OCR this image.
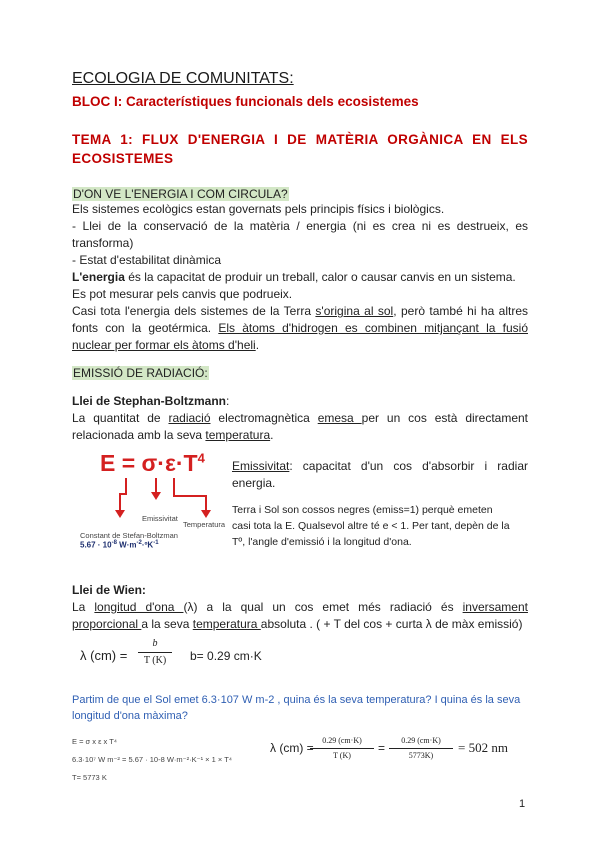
ECOLOGIA DE COMUNITATS:
BLOC I: Característiques funcionals dels ecosistemes
TEMA 1: FLUX D'ENERGIA I DE MATÈRIA ORGÀNICA EN ELS ECOSISTEMES
D'ON VE L'ENERGIA I COM CIRCULA?
Els sistemes ecològics estan governats pels principis físics i biològics.
- Llei de la conservació de la matèria / energia (ni es crea ni es destrueix, es
transforma)
- Estat d'estabilitat dinàmica
L'energia és la capacitat de produir un treball, calor o causar canvis en un sistema.
Es pot mesurar pels canvis que podrueix.
Casi tota l'energia dels sistemes de la Terra s'origina al sol, però també hi ha altres
fonts con la geotérmica. Els àtoms d'hidrogen es combinen mitjançant la fusió
nuclear per formar els àtoms d'heli.
EMISSIÓ DE RADIACIÓ:
Llei de Stephan-Boltzmann:
La quantitat de radiació electromagnètica emesa per un cos està directament
relacionada amb la seva temperatura.
$E = \sigma\cdot\varepsilon\cdot T^4$
Emissivitat
Temperatura
Constant de Stefan-Boltzman
$5.67 \cdot 10^{-8}$ $W\cdot m^{-2}\cdot ºK^{-1}$
Emissivitat: capacitat d'un cos d'absorbir i radiar
energia.
Terra i Sol son cossos negres (emiss=1) perquè emeten
casi tota la E. Qualsevol altre té e < 1. Per tant, depèn de la
Tº, l'angle d'emissió i la longitud d'ona.
Llei de Wien:
La longitud d'ona (λ) a la qual un cos emet més radiació és inversament
proporcional a la seva temperatura absoluta . ( + T del cos + curta λ de màx emissió)
λ (cm) =
b
T (K)	b= 0.29 cm·K
Partim de que el Sol emet 6.3·107 W m-2 , quina és la seva temperatura? I quina és la seva
longitud d'ona màxima?
E = σ x ε x T⁴
6.3·10⁷ W m⁻² = 5.67 · 10-8 W·m⁻²·K⁻¹ × 1 × T⁴
T= 5773 K
λ (cm) =
0.29 (cm·K)
T (K)
=
0.29 (cm·K)
5773K)
= 502 nm
1
